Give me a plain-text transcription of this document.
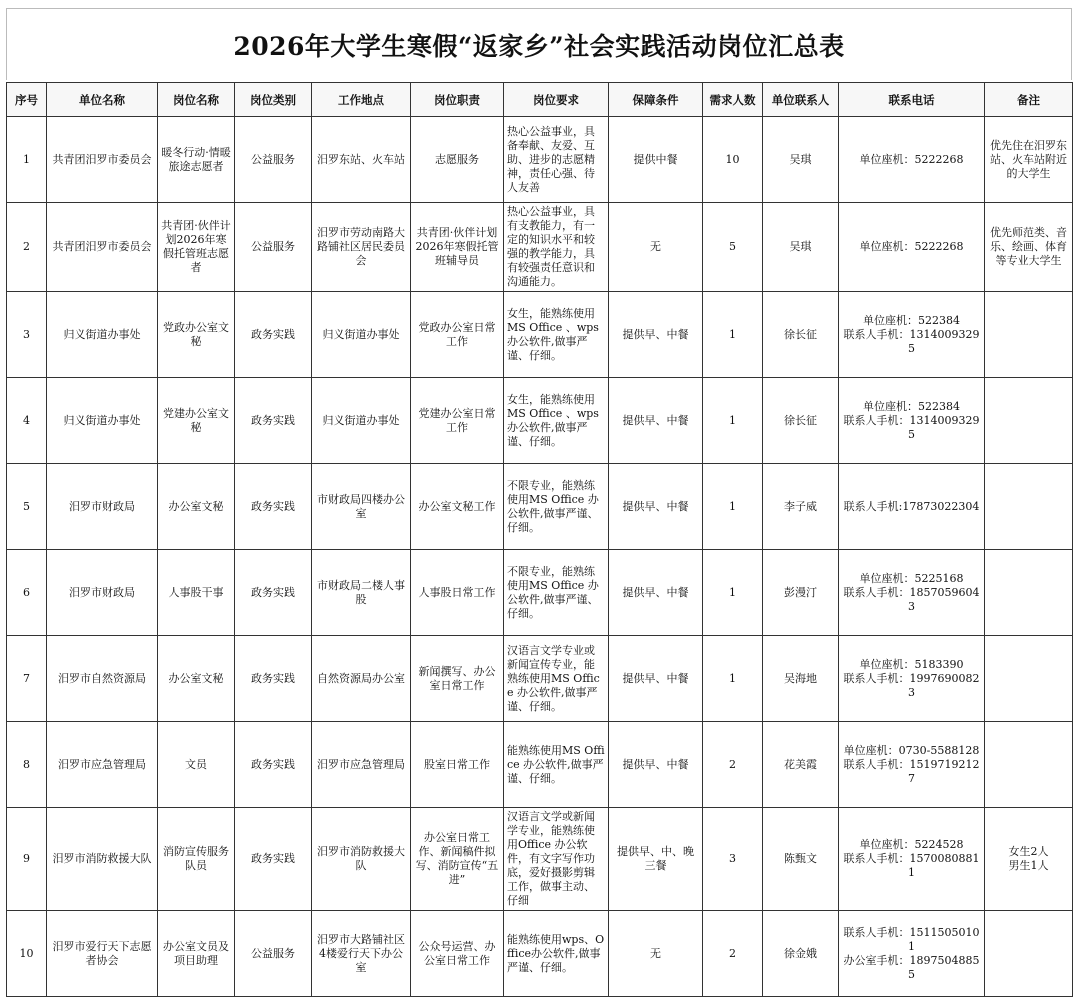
2026年大学生寒假“返家乡”社会实践活动岗位汇总表
序号	单位名称	岗位名称	岗位类别	工作地点	岗位职责	岗位要求	保障条件	需求人数	单位联系人	联系电话	备注
1	共青团汨罗市委员会	暖冬行动·情暖旅途志愿者	公益服务	汨罗东站、火车站	志愿服务	热心公益事业，具备奉献、友爱、互助、进步的志愿精神，责任心强、待人友善	提供中餐	10	吴琪	单位座机：5222268	优先住在汨罗东站、火车站附近的大学生
2	共青团汨罗市委员会	共青团·伙伴计划2026年寒假托管班志愿者	公益服务	汨罗市劳动南路大路铺社区居民委员会	共青团·伙伴计划2026年寒假托管班辅导员	热心公益事业，具有支教能力，有一定的知识水平和较强的教学能力，具有较强责任意识和沟通能力。	无	5	吴琪	单位座机：5222268	优先师范类、音乐、绘画、体育等专业大学生
3	归义街道办事处	党政办公室文秘	政务实践	归义街道办事处	党政办公室日常工作	女生，能熟练使用MS Office 、wps办公软件,做事严谨、仔细。	提供早、中餐	1	徐长征	单位座机：522384
联系人手机：13140093295	
4	归义街道办事处	党建办公室文秘	政务实践	归义街道办事处	党建办公室日常工作	女生，能熟练使用MS Office 、wps办公软件,做事严谨、仔细。	提供早、中餐	1	徐长征	单位座机：522384
联系人手机：13140093295	
5	汨罗市财政局	办公室文秘	政务实践	市财政局四楼办公室	办公室文秘工作	不限专业，能熟练使用MS Office 办公软件,做事严谨、仔细。	提供早、中餐	1	李子威	联系人手机:17873022304	
6	汨罗市财政局	人事股干事	政务实践	市财政局二楼人事股	人事股日常工作	不限专业，能熟练使用MS Office 办公软件,做事严谨、仔细。	提供早、中餐	1	彭漫汀	单位座机：5225168
联系人手机：18570596043	
7	汨罗市自然资源局	办公室文秘	政务实践	自然资源局办公室	新闻撰写、办公室日常工作	汉语言文学专业或新闻宣传专业，能熟练使用MS Office 办公软件,做事严谨、仔细。	提供早、中餐	1	吴海地	单位座机：5183390
联系人手机：19976900823	
8	汨罗市应急管理局	文员	政务实践	汨罗市应急管理局	股室日常工作	能熟练使用MS Office 办公软件,做事严谨、仔细。	提供早、中餐	2	花美霞	单位座机：0730-5588128
联系人手机：15197192127	
9	汨罗市消防救援大队	消防宣传服务队员	政务实践	汨罗市消防救援大队	办公室日常工作、新闻稿件拟写、消防宣传“五进”	汉语言文学或新闻学专业，能熟练使用Office 办公软件，有文字写作功底，爱好摄影剪辑工作，做事主动、仔细	提供早、中、晚三餐	3	陈甄文	单位座机：5224528
联系人手机：15700808811	女生2人
男生1人
10	汨罗市爱行天下志愿者协会	办公室文员及项目助理	公益服务	汨罗市大路铺社区4楼爱行天下办公室	公众号运营、办公室日常工作	能熟练使用wps、Office办公软件,做事严谨、仔细。	无	2	徐金娥	联系人手机：15115050101
办公室手机：18975048855	
